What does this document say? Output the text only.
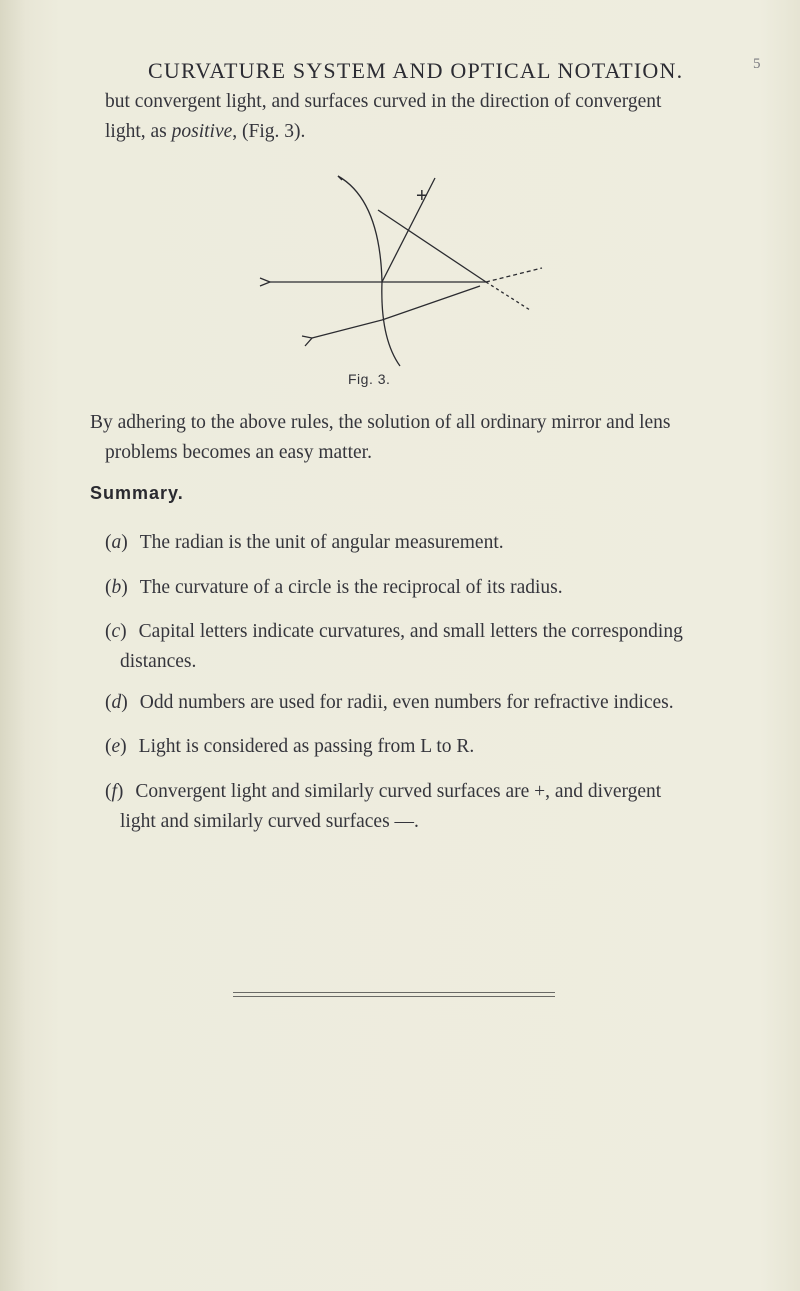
CURVATURE SYSTEM AND OPTICAL NOTATION.	5
but convergent light, and surfaces curved in the direction of convergent
light, as positive, (Fig. 3).
+
Fig. 3.
By adhering to the above rules, the solution of all ordinary mirror and lens
problems becomes an easy matter.
Summary.
(a) The radian is the unit of angular measurement.
(b) The curvature of a circle is the reciprocal of its radius.
(c) Capital letters indicate curvatures, and small letters the corresponding

distances.
(d) Odd numbers are used for radii, even numbers for refractive indices.
(e) Light is considered as passing from L to R.
(f) Convergent light and similarly curved surfaces are +, and divergent

light and similarly curved surfaces —.
